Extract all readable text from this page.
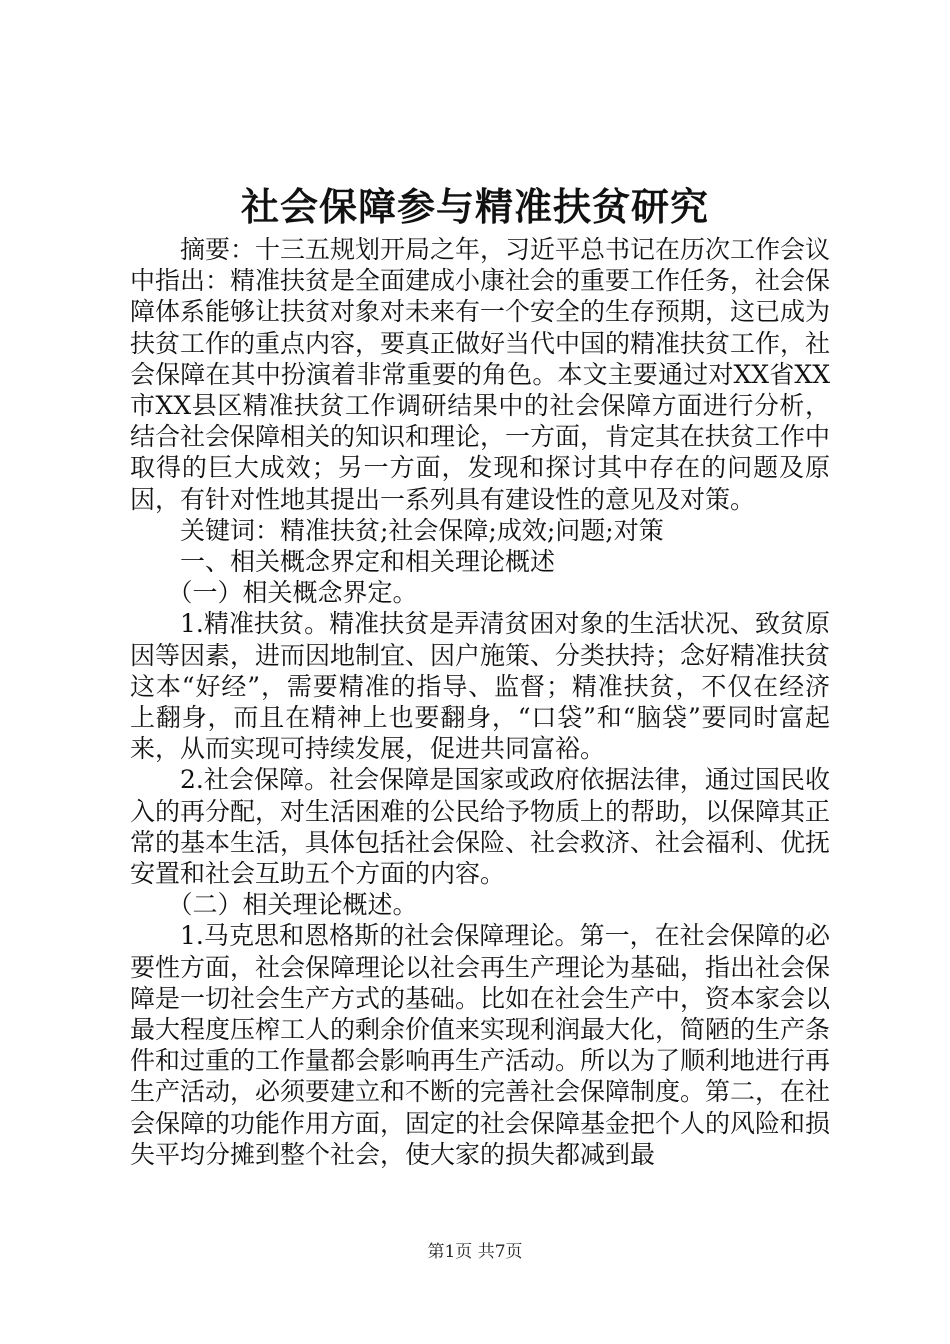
社会保障参与精准扶贫研究

摘要：十三五规划开局之年，习近平总书记在历次工作会议中指出：精准扶贫是全面建成小康社会的重要工作任务，社会保障体系能够让扶贫对象对未来有一个安全的生存预期，这已成为扶贫工作的重点内容，要真正做好当代中国的精准扶贫工作，社会保障在其中扮演着非常重要的角色。本文主要通过对XX省XX市XX县区精准扶贫工作调研结果中的社会保障方面进行分析，结合社会保障相关的知识和理论，一方面，肯定其在扶贫工作中取得的巨大成效；另一方面，发现和探讨其中存在的问题及原因，有针对性地其提出一系列具有建设性的意见及对策。

关键词：精准扶贫;社会保障;成效;问题;对策

一、相关概念界定和相关理论概述

（一）相关概念界定。

1.精准扶贫。精准扶贫是弄清贫困对象的生活状况、致贫原因等因素，进而因地制宜、因户施策、分类扶持；念好精准扶贫这本“好经”，需要精准的指导、监督；精准扶贫，不仅在经济上翻身，而且在精神上也要翻身，“口袋”和“脑袋”要同时富起来，从而实现可持续发展，促进共同富裕。

2.社会保障。社会保障是国家或政府依据法律，通过国民收入的再分配，对生活困难的公民给予物质上的帮助，以保障其正常的基本生活，具体包括社会保险、社会救济、社会福利、优抚安置和社会互助五个方面的内容。

（二）相关理论概述。

1.马克思和恩格斯的社会保障理论。第一，在社会保障的必要性方面，社会保障理论以社会再生产理论为基础，指出社会保障是一切社会生产方式的基础。比如在社会生产中，资本家会以最大程度压榨工人的剩余价值来实现利润最大化，简陋的生产条件和过重的工作量都会影响再生产活动。所以为了顺利地进行再生产活动，必须要建立和不断的完善社会保障制度。第二，在社会保障的功能作用方面，固定的社会保障基金把个人的风险和损失平均分摊到整个社会，使大家的损失都减到最

第1页 共7页
